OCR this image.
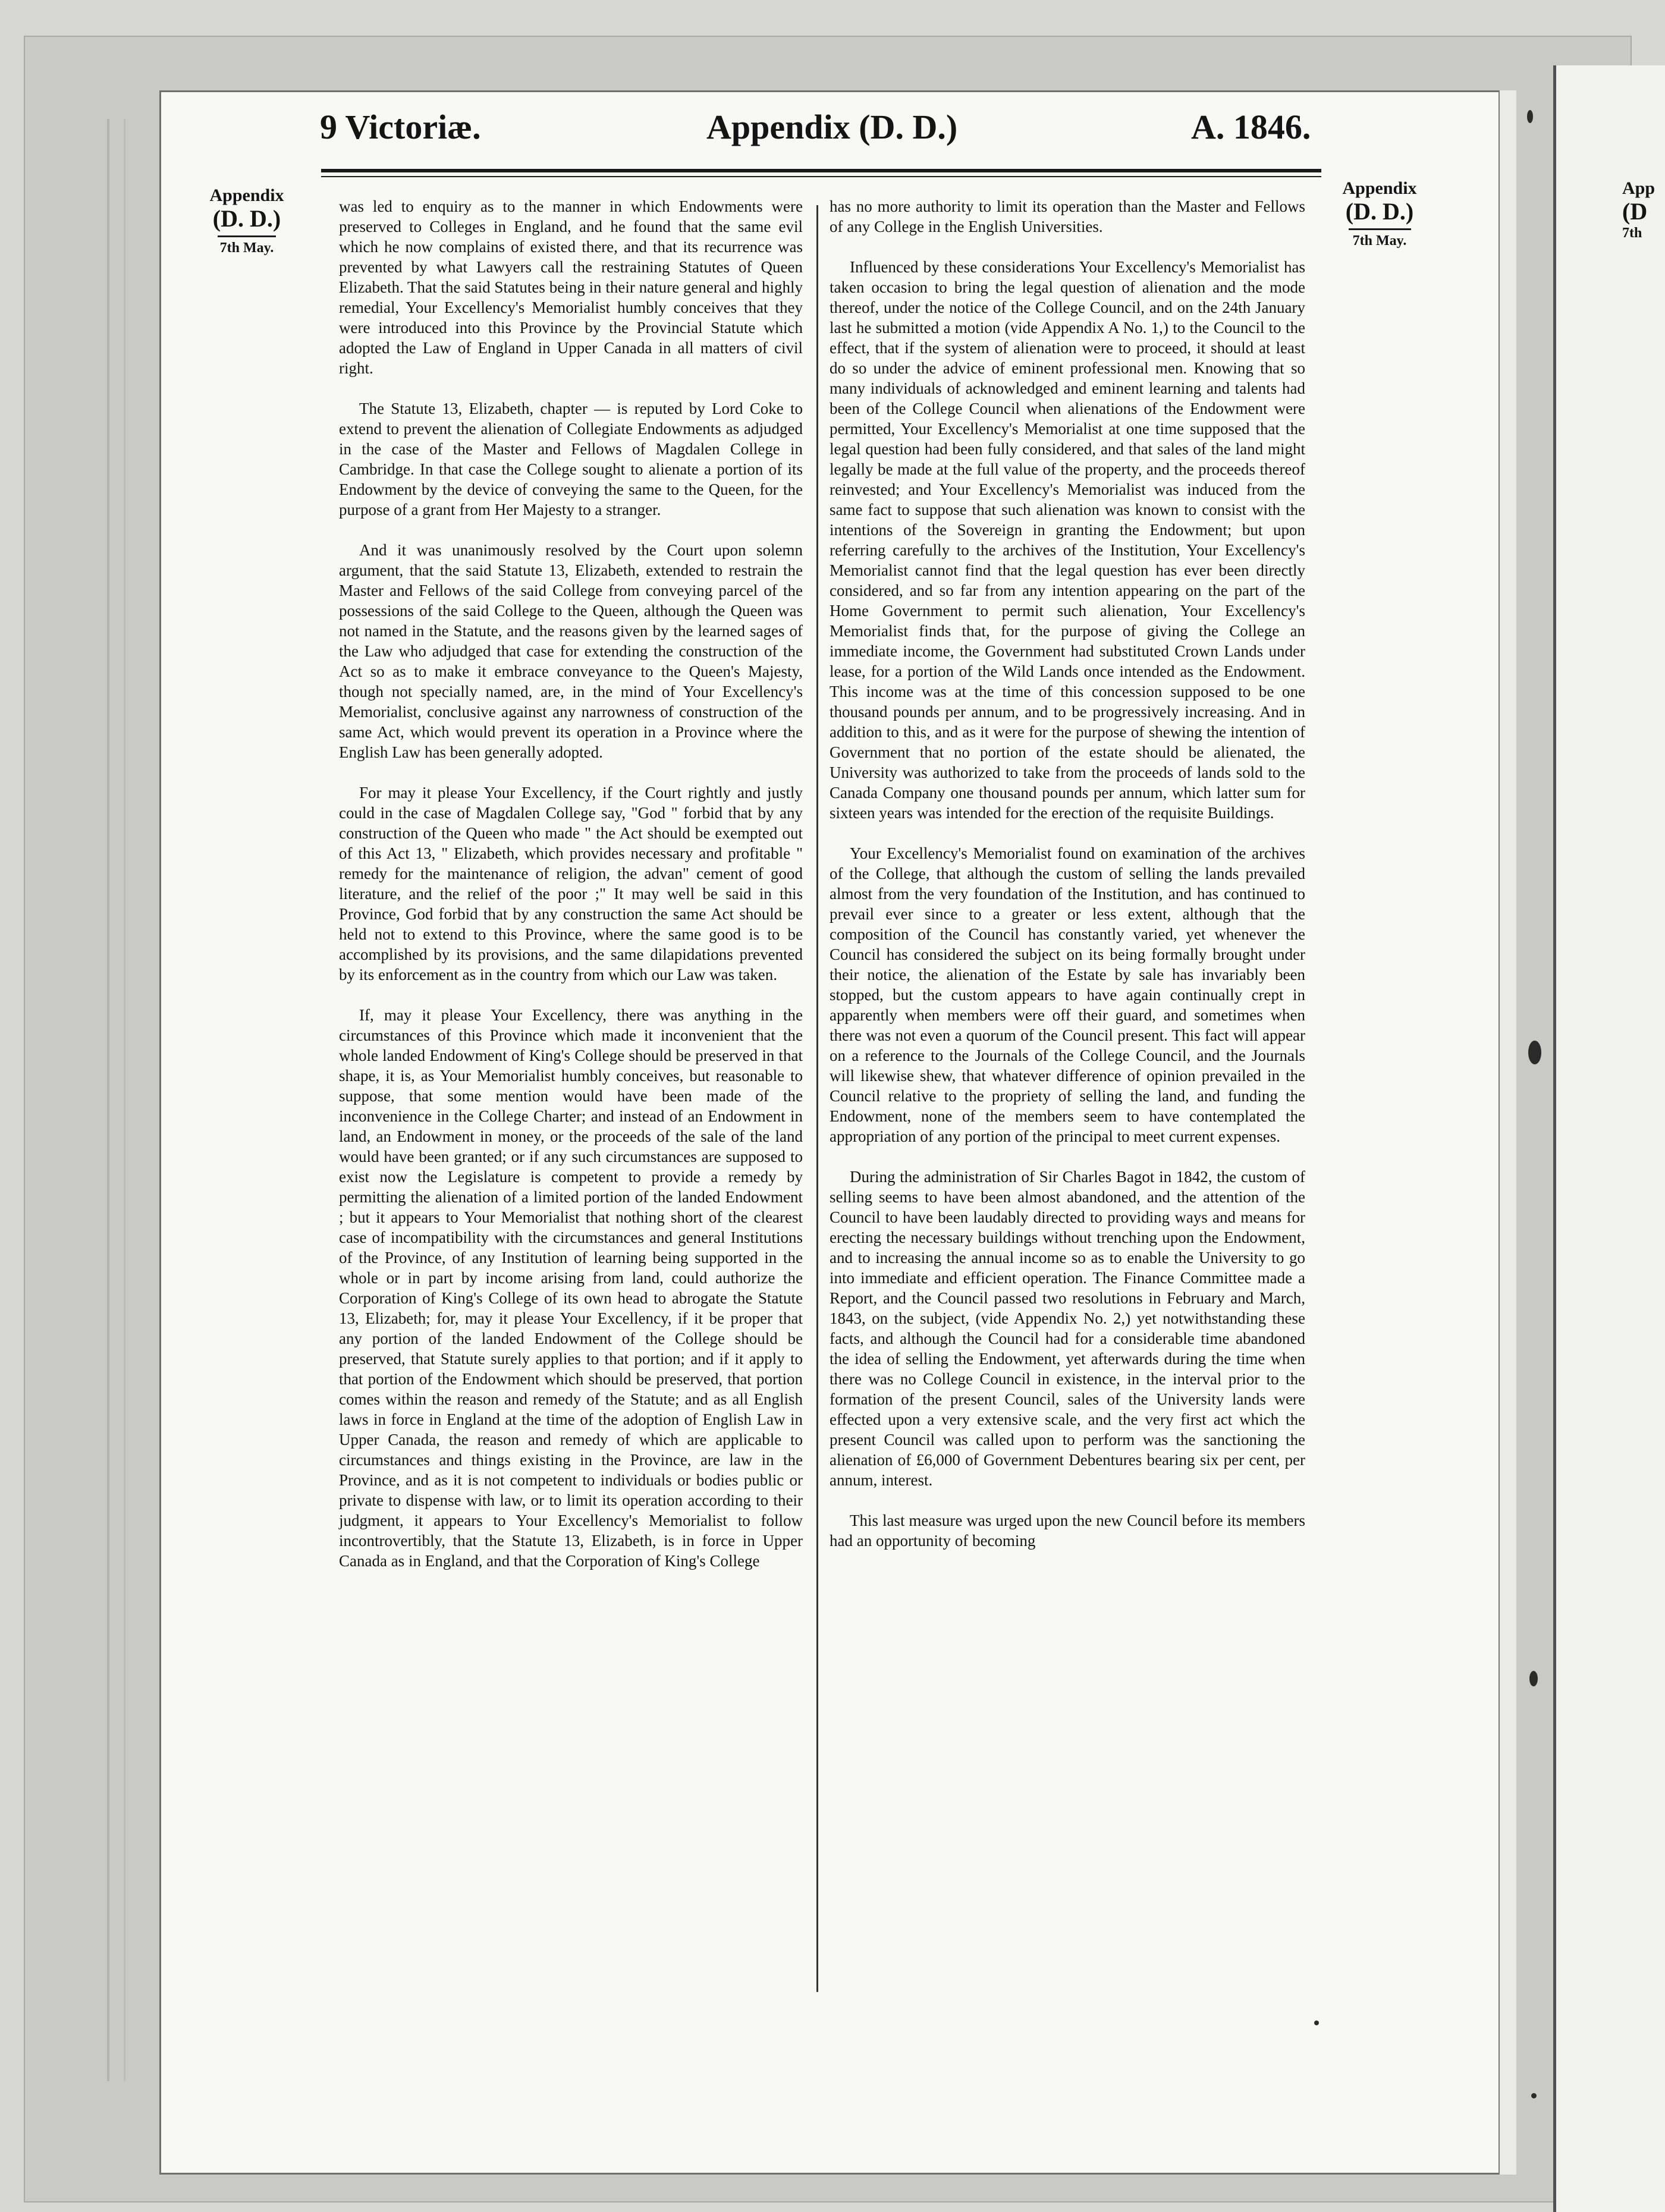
9 Victoriæ.	Appendix (D. D.)	A. 1846.
Appendix
(D. D.)
7th May.
Appendix
(D. D.)
7th May.
App
(D
7th

was led to enquiry as to the manner in which Endowments were preserved to Colleges in England, and he found that the same evil which he now complains of existed there, and that its recurrence was prevented by what Lawyers call the restraining Statutes of Queen Elizabeth. That the said Statutes being in their nature general and highly remedial, Your Excellency's Memorialist humbly conceives that they were introduced into this Province by the Provincial Statute which adopted the Law of England in Upper Canada in all matters of civil right.

The Statute 13, Elizabeth, chapter — is reputed by Lord Coke to extend to prevent the alienation of Collegiate Endowments as adjudged in the case of the Master and Fellows of Magdalen College in Cambridge. In that case the College sought to alienate a portion of its Endowment by the device of conveying the same to the Queen, for the purpose of a grant from Her Majesty to a stranger.

And it was unanimously resolved by the Court upon solemn argument, that the said Statute 13, Elizabeth, extended to restrain the Master and Fellows of the said College from conveying parcel of the possessions of the said College to the Queen, although the Queen was not named in the Statute, and the reasons given by the learned sages of the Law who adjudged that case for extending the construction of the Act so as to make it embrace conveyance to the Queen's Majesty, though not specially named, are, in the mind of Your Excellency's Memorialist, conclusive against any narrowness of construction of the same Act, which would prevent its operation in a Province where the English Law has been generally adopted.

For may it please Your Excellency, if the Court rightly and justly could in the case of Magdalen College say, "God " forbid that by any construction of the Queen who made " the Act should be exempted out of this Act 13, " Elizabeth, which provides necessary and profitable " remedy for the maintenance of religion, the advan" cement of good literature, and the relief of the poor ;" It may well be said in this Province, God forbid that by any construction the same Act should be held not to extend to this Province, where the same good is to be accomplished by its provisions, and the same dilapidations prevented by its enforcement as in the country from which our Law was taken.

If, may it please Your Excellency, there was anything in the circumstances of this Province which made it inconvenient that the whole landed Endowment of King's College should be preserved in that shape, it is, as Your Memorialist humbly conceives, but reasonable to suppose, that some mention would have been made of the inconvenience in the College Charter; and instead of an Endowment in land, an Endowment in money, or the proceeds of the sale of the land would have been granted; or if any such circumstances are supposed to exist now the Legislature is competent to provide a remedy by permitting the alienation of a limited portion of the landed Endowment ; but it appears to Your Memorialist that nothing short of the clearest case of incompatibility with the circumstances and general Institutions of the Province, of any Institution of learning being supported in the whole or in part by income arising from land, could authorize the Corporation of King's College of its own head to abrogate the Statute 13, Elizabeth; for, may it please Your Excellency, if it be proper that any portion of the landed Endowment of the College should be preserved, that Statute surely applies to that portion; and if it apply to that portion of the Endowment which should be preserved, that portion comes within the reason and remedy of the Statute; and as all English laws in force in England at the time of the adoption of English Law in Upper Canada, the reason and remedy of which are applicable to circumstances and things existing in the Province, are law in the Province, and as it is not competent to individuals or bodies public or private to dispense with law, or to limit its operation according to their judgment, it appears to Your Excellency's Memorialist to follow incontrovertibly, that the Statute 13, Elizabeth, is in force in Upper Canada as in England, and that the Corporation of King's College

has no more authority to limit its operation than the Master and Fellows of any College in the English Universities.

Influenced by these considerations Your Excellency's Memorialist has taken occasion to bring the legal question of alienation and the mode thereof, under the notice of the College Council, and on the 24th January last he submitted a motion (vide Appendix A No. 1,) to the Council to the effect, that if the system of alienation were to proceed, it should at least do so under the advice of eminent professional men. Knowing that so many individuals of acknowledged and eminent learning and talents had been of the College Council when alienations of the Endowment were permitted, Your Excellency's Memorialist at one time supposed that the legal question had been fully considered, and that sales of the land might legally be made at the full value of the property, and the proceeds thereof reinvested; and Your Excellency's Memorialist was induced from the same fact to suppose that such alienation was known to consist with the intentions of the Sovereign in granting the Endowment; but upon referring carefully to the archives of the Institution, Your Excellency's Memorialist cannot find that the legal question has ever been directly considered, and so far from any intention appearing on the part of the Home Government to permit such alienation, Your Excellency's Memorialist finds that, for the purpose of giving the College an immediate income, the Government had substituted Crown Lands under lease, for a portion of the Wild Lands once intended as the Endowment. This income was at the time of this concession supposed to be one thousand pounds per annum, and to be progressively increasing. And in addition to this, and as it were for the purpose of shewing the intention of Government that no portion of the estate should be alienated, the University was authorized to take from the proceeds of lands sold to the Canada Company one thousand pounds per annum, which latter sum for sixteen years was intended for the erection of the requisite Buildings.

Your Excellency's Memorialist found on examination of the archives of the College, that although the custom of selling the lands prevailed almost from the very foundation of the Institution, and has continued to prevail ever since to a greater or less extent, although that the composition of the Council has constantly varied, yet whenever the Council has considered the subject on its being formally brought under their notice, the alienation of the Estate by sale has invariably been stopped, but the custom appears to have again continually crept in apparently when members were off their guard, and sometimes when there was not even a quorum of the Council present. This fact will appear on a reference to the Journals of the College Council, and the Journals will likewise shew, that whatever difference of opinion prevailed in the Council relative to the propriety of selling the land, and funding the Endowment, none of the members seem to have contemplated the appropriation of any portion of the principal to meet current expenses.

During the administration of Sir Charles Bagot in 1842, the custom of selling seems to have been almost abandoned, and the attention of the Council to have been laudably directed to providing ways and means for erecting the necessary buildings without trenching upon the Endowment, and to increasing the annual income so as to enable the University to go into immediate and efficient operation. The Finance Committee made a Report, and the Council passed two resolutions in February and March, 1843, on the subject, (vide Appendix No. 2,) yet notwithstanding these facts, and although the Council had for a considerable time abandoned the idea of selling the Endowment, yet afterwards during the time when there was no College Council in existence, in the interval prior to the formation of the present Council, sales of the University lands were effected upon a very extensive scale, and the very first act which the present Council was called upon to perform was the sanctioning the alienation of £6,000 of Government Debentures bearing six per cent, per annum, interest.

This last measure was urged upon the new Council before its members had an opportunity of becoming
